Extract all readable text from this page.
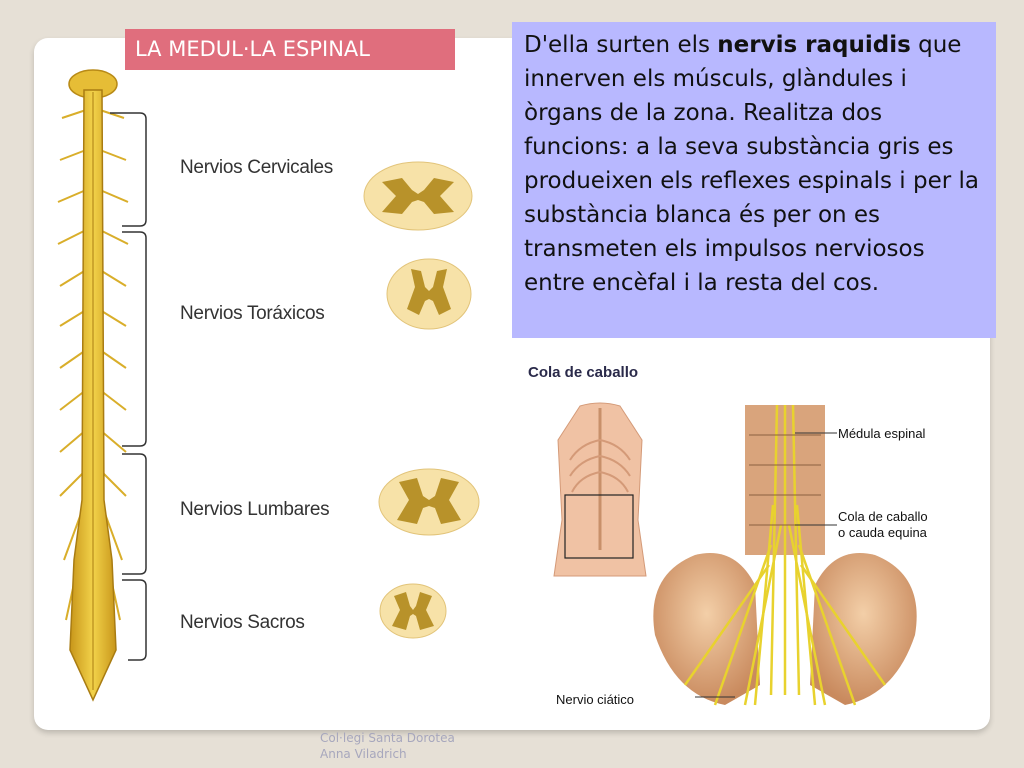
LA MEDUL·LA ESPINAL	D'ella surten els nervis raquidis que innerven els músculs, glàndules i òrgans de la zona. Realitza dos funcions: a la seva substància gris es produeixen els reflexes espinals i per la substància blanca és per on es transmeten els impulsos nerviosos entre encèfal i la resta del cos.
Nervios Cervicales
Nervios Toráxicos
Nervios Lumbares
Nervios Sacros
Cola de caballo
Médula espinal
Cola de caballo
o cauda equina
Nervio ciático
Col·legi Santa Dorotea
Anna Viladrich
